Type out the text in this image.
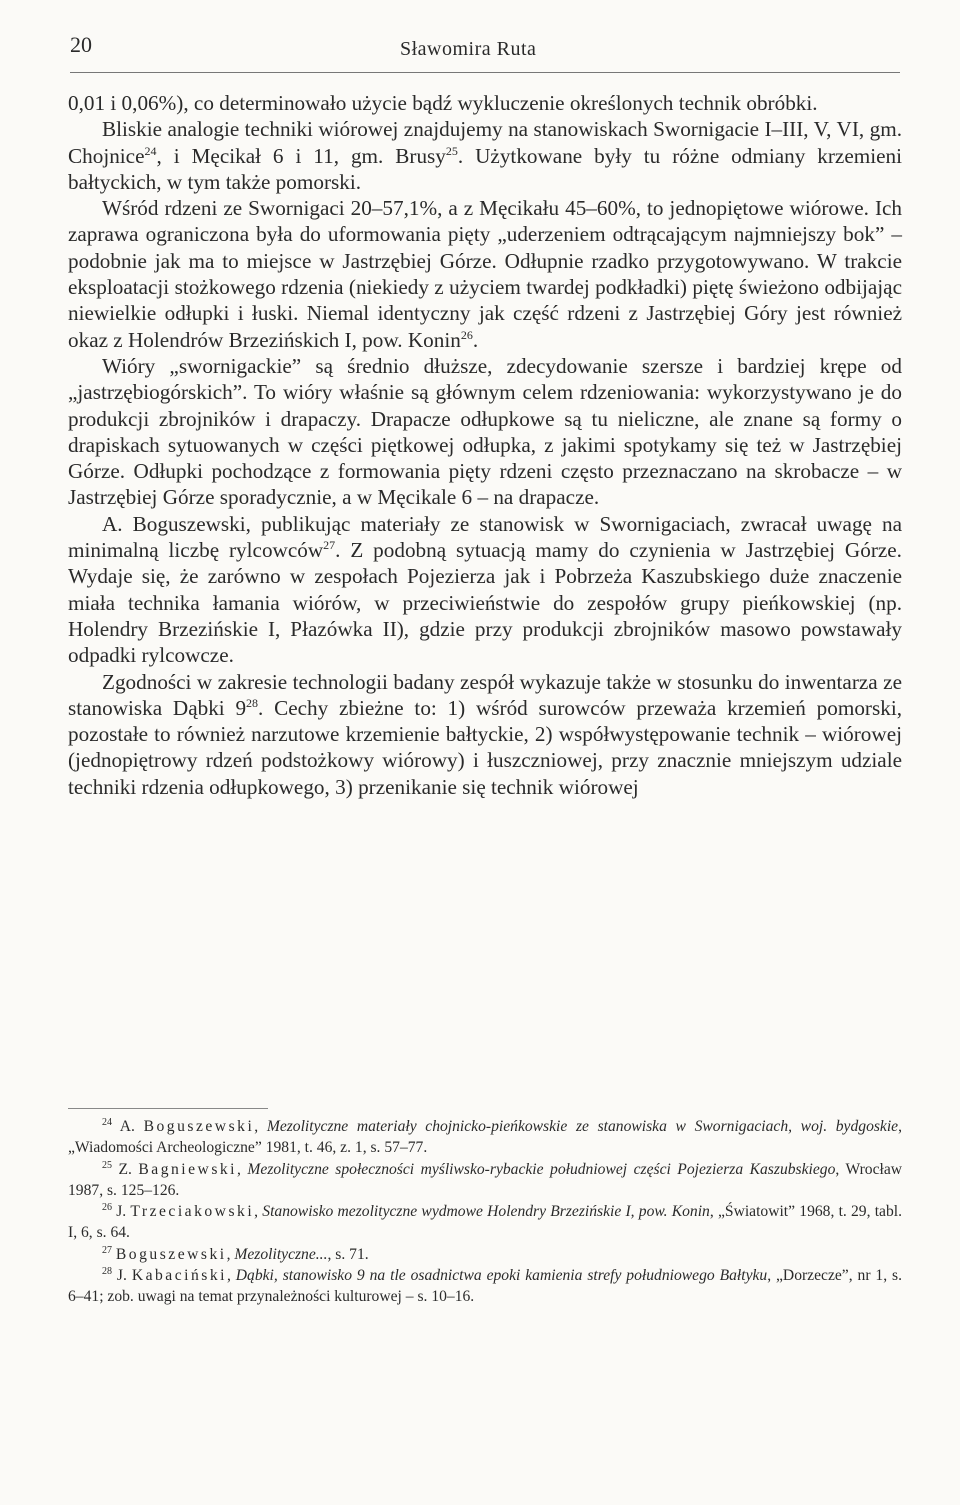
20	Sławomira Ruta

0,01 i 0,06%), co determinowało użycie bądź wykluczenie określonych technik obróbki.

Bliskie analogie techniki wiórowej znajdujemy na stanowiskach Swornigacie I–III, V, VI, gm. Chojnice$^{24}$, i Męcikał 6 i 11, gm. Brusy$^{25}$. Użytkowane były tu różne odmiany krzemieni bałtyckich, w tym także pomorski.

Wśród rdzeni ze Swornigaci 20–57,1%, a z Męcikału 45–60%, to jednopiętowe wiórowe. Ich zaprawa ograniczona była do uformowania pięty „uderzeniem odtrącającym najmniejszy bok” – podobnie jak ma to miejsce w Jastrzębiej Górze. Odłupnie rzadko przygotowywano. W trakcie eksploatacji stożkowego rdzenia (niekiedy z użyciem twardej podkładki) piętę świeżono odbijając niewielkie odłupki i łuski. Niemal identyczny jak część rdzeni z Jastrzębiej Góry jest również okaz z Holendrów Brzezińskich I, pow. Konin$^{26}$.

Wióry „swornigackie” są średnio dłuższe, zdecydowanie szersze i bardziej krępe od „jastrzębiogórskich”. To wióry właśnie są głównym celem rdzeniowania: wykorzystywano je do produkcji zbrojników i drapaczy. Drapacze odłupkowe są tu nieliczne, ale znane są formy o drapiskach sytuowanych w części piętkowej odłupka, z jakimi spotykamy się też w Jastrzębiej Górze. Odłupki pochodzące z formowania pięty rdzeni często przeznaczano na skrobacze – w Jastrzębiej Górze sporadycznie, a w Męcikale 6 – na drapacze.

A. Boguszewski, publikując materiały ze stanowisk w Swornigaciach, zwracał uwagę na minimalną liczbę rylcowców$^{27}$. Z podobną sytuacją mamy do czynienia w Jastrzębiej Górze. Wydaje się, że zarówno w zespołach Pojezierza jak i Pobrzeża Kaszubskiego duże znaczenie miała technika łamania wiórów, w przeciwieństwie do zespołów grupy pieńkowskiej (np. Holendry Brzezińskie I, Płazówka II), gdzie przy produkcji zbrojników masowo powstawały odpadki rylcowcze.

Zgodności w zakresie technologii badany zespół wykazuje także w stosunku do inwentarza ze stanowiska Dąbki $9^{28}$. Cechy zbieżne to: 1) wśród surowców przeważa krzemień pomorski, pozostałe to również narzutowe krzemienie bałtyckie, 2) współwystępowanie technik – wiórowej (jednopiętrowy rdzeń podstożkowy wiórowy) i łuszczniowej, przy znacznie mniejszym udziale techniki rdzenia odłupkowego, 3) przenikanie się technik wiórowej

$^{24}$ A. Boguszewski, Mezolityczne materiały chojnicko-pieńkowskie ze stanowiska w Swornigaciach, woj. bydgoskie, „Wiadomości Archeologiczne” 1981, t. 46, z. 1, s. 57–77.

$^{25}$ Z. Bagniewski, Mezolityczne społeczności myśliwsko-rybackie południowej części Pojezierza Kaszubskiego, Wrocław 1987, s. 125–126.

$^{26}$ J. Trzeciakowski, Stanowisko mezolityczne wydmowe Holendry Brzezińskie I, pow. Konin, „Światowit” 1968, t. 29, tabl. I, 6, s. 64.

$^{27}$ Boguszewski, Mezolityczne..., s. 71.

$^{28}$ J. Kabaciński, Dąbki, stanowisko 9 na tle osadnictwa epoki kamienia strefy południowego Bałtyku, „Dorzecze”, nr 1, s. 6–41; zob. uwagi na temat przynależności kulturowej – s. 10–16.
